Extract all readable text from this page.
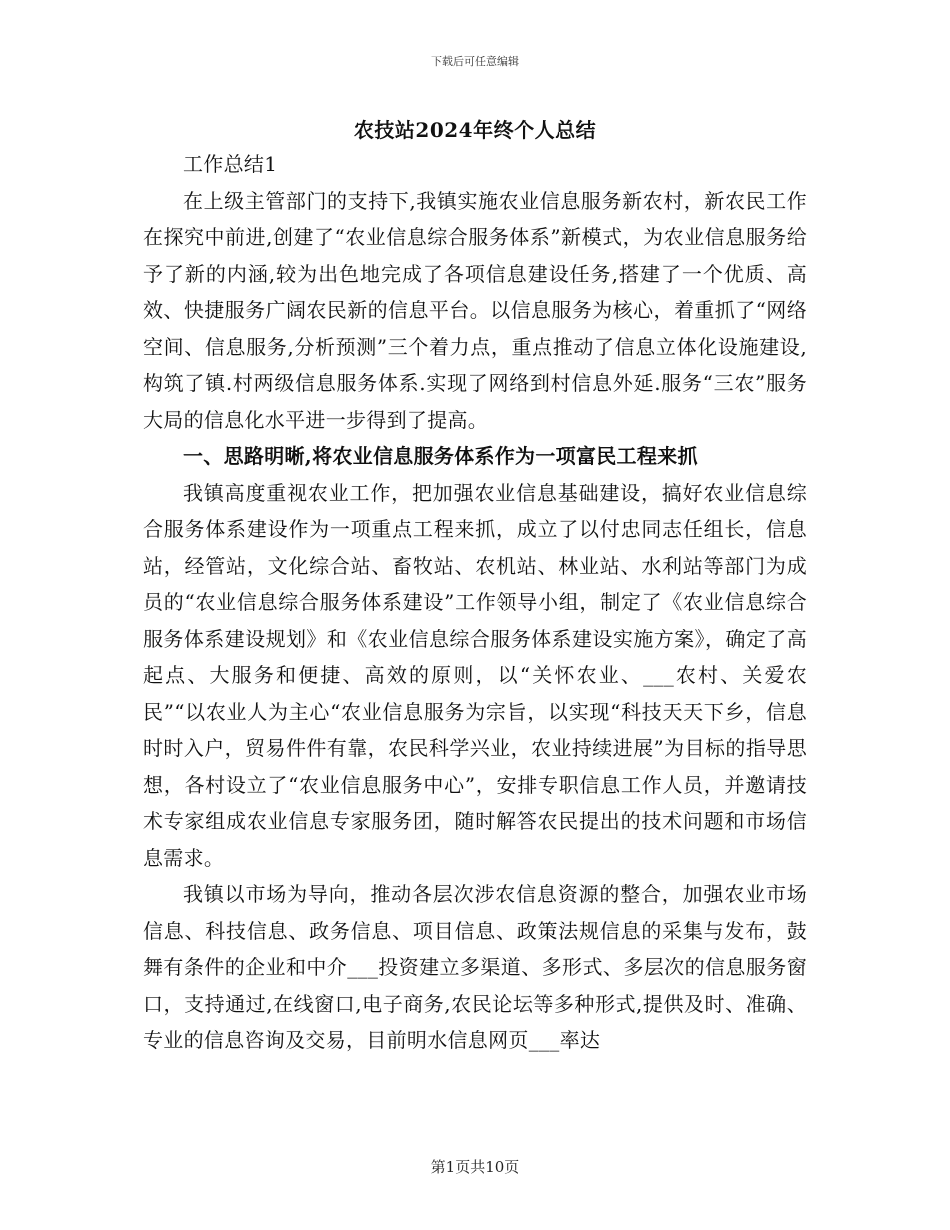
下载后可任意编辑
农技站2024年终个人总结

工作总结1

在上级主管部门的支持下,我镇实施农业信息服务新农村，新农民工作在探究中前进,创建了“农业信息综合服务体系”新模式，为农业信息服务给予了新的内涵,较为出色地完成了各项信息建设任务,搭建了一个优质、高效、快捷服务广阔农民新的信息平台。以信息服务为核心，着重抓了“网络空间、信息服务,分析预测”三个着力点，重点推动了信息立体化设施建设,构筑了镇.村两级信息服务体系.实现了网络到村信息外延.服务“三农”服务大局的信息化水平进一步得到了提高。

一、思路明晰,将农业信息服务体系作为一项富民工程来抓

我镇高度重视农业工作，把加强农业信息基础建设，搞好农业信息综合服务体系建设作为一项重点工程来抓，成立了以付忠同志任组长，信息站，经管站，文化综合站、畜牧站、农机站、林业站、水利站等部门为成员的“农业信息综合服务体系建设”工作领导小组，制定了《农业信息综合服务体系建设规划》和《农业信息综合服务体系建设实施方案》，确定了高起点、大服务和便捷、高效的原则，以“关怀农业、___农村、关爱农民”“以农业人为主心“农业信息服务为宗旨，以实现“科技天天下乡，信息时时入户，贸易件件有靠，农民科学兴业，农业持续进展”为目标的指导思想，各村设立了“农业信息服务中心”，安排专职信息工作人员，并邀请技术专家组成农业信息专家服务团，随时解答农民提出的技术问题和市场信息需求。

我镇以市场为导向，推动各层次涉农信息资源的整合，加强农业市场信息、科技信息、政务信息、项目信息、政策法规信息的采集与发布，鼓舞有条件的企业和中介___投资建立多渠道、多形式、多层次的信息服务窗口，支持通过,在线窗口,电子商务,农民论坛等多种形式,提供及时、准确、专业的信息咨询及交易，目前明水信息网页___率达

第1页共10页
